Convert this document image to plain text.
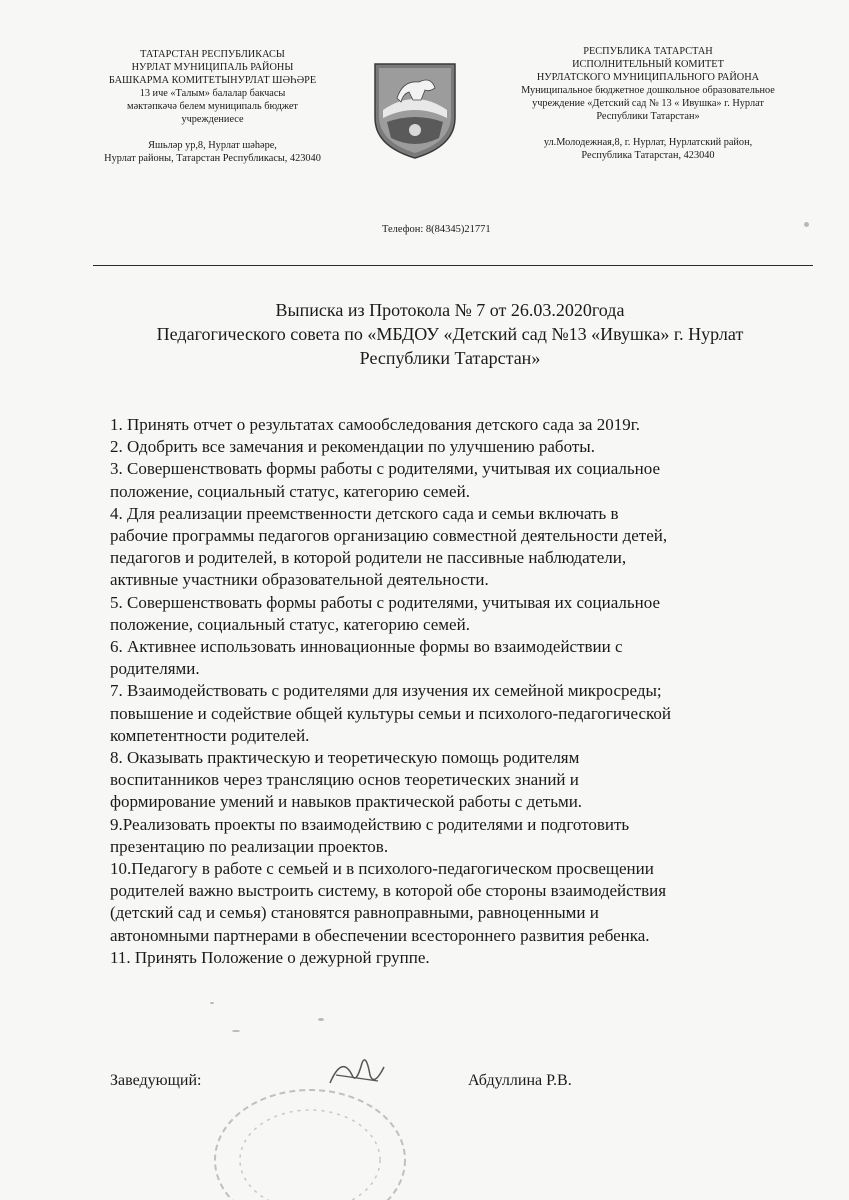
ТАТАРСТАН РЕСПУБЛИКАСЫ
НУРЛАТ МУНИЦИПАЛЬ РАЙОНЫ
БАШКАРМА КОМИТЕТЫНУРЛАТ ШӘҺӘРЕ
13 иче «Талым» балалар бакчасы
мәктәпкәчә белем муниципаль бюджет
учреждениесе
Яшьләр ур,8, Нурлат шәһәре,
Нурлат районы, Татарстан Республикасы, 423040
РЕСПУБЛИКА ТАТАРСТАН
ИСПОЛНИТЕЛЬНЫЙ КОМИТЕТ
НУРЛАТСКОГО МУНИЦИПАЛЬНОГО РАЙОНА
Муниципальное бюджетное дошкольное образовательное
учреждение «Детский сад № 13 « Ивушка» г. Нурлат
Республики Татарстан»
ул.Молодежная,8, г. Нурлат, Нурлатский район,
Республика Татарстан, 423040
Телефон: 8(84345)21771
Выписка из Протокола № 7 от 26.03.2020года
Педагогического совета по «МБДОУ «Детский сад №13 «Ивушка» г. Нурлат
Республики Татарстан»
1. Принять отчет о результатах самообследования детского сада за 2019г.
2. Одобрить все замечания и рекомендации по улучшению работы.
3. Совершенствовать формы работы с родителями, учитывая их социальное
положение, социальный статус, категорию семей.
4. Для реализации преемственности детского сада и семьи включать в
рабочие программы педагогов организацию совместной деятельности детей,
педагогов и родителей, в которой родители не пассивные наблюдатели,
активные участники образовательной деятельности.
5. Совершенствовать формы работы с родителями, учитывая их социальное
положение, социальный статус, категорию семей.
6. Активнее использовать инновационные формы во взаимодействии с
родителями.
7. Взаимодействовать с родителями для изучения их семейной микросреды;
повышение и содействие общей культуры семьи и психолого-педагогической
компетентности родителей.
8. Оказывать практическую и теоретическую помощь родителям
воспитанников через трансляцию основ теоретических знаний и
формирование умений и навыков практической работы с детьми.
9.Реализовать проекты по взаимодействию с родителями и подготовить
презентацию по реализации проектов.
10.Педагогу в работе с семьей и в психолого-педагогическом просвещении
родителей важно выстроить систему, в которой обе стороны взаимодействия
(детский сад и семья) становятся равноправными, равноценными и
автономными партнерами в обеспечении всестороннего развития ребенка.
11. Принять Положение о дежурной группе.
Заведующий:	Абдуллина Р.В.
